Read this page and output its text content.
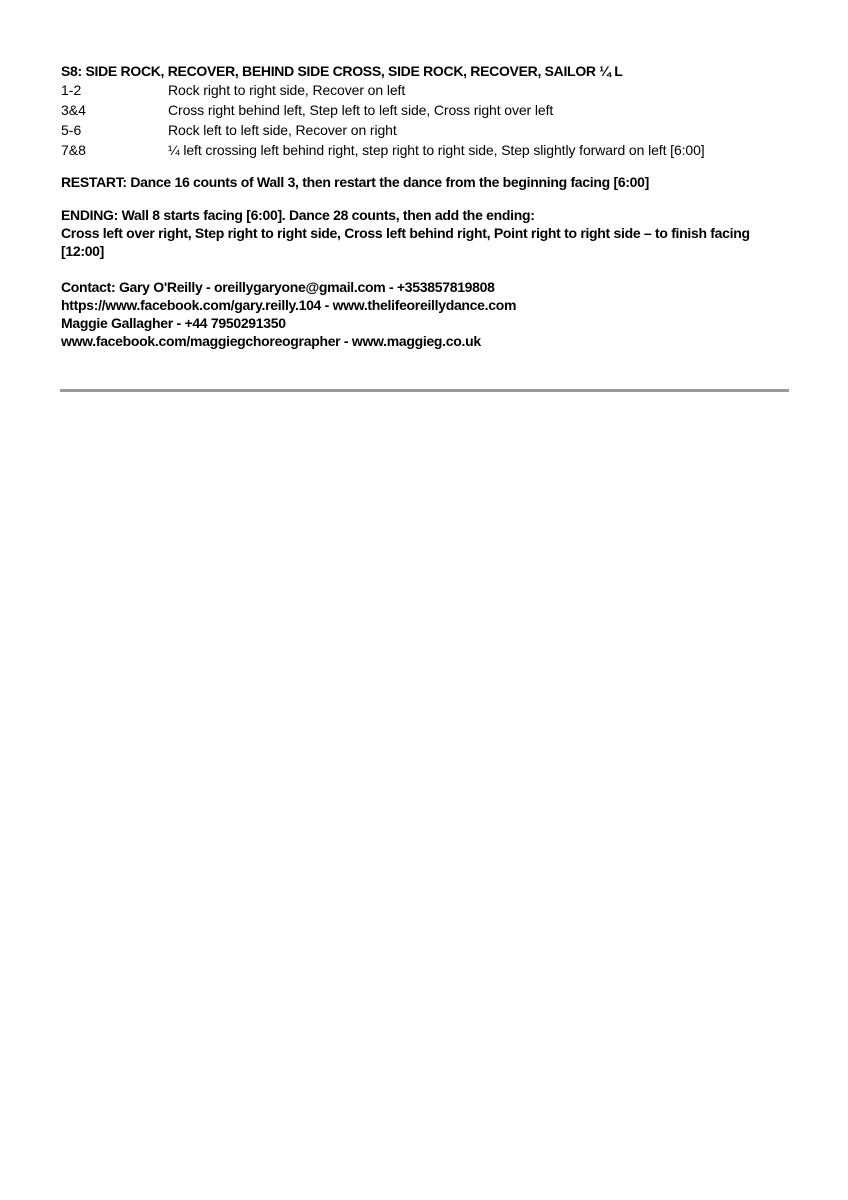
S8: SIDE ROCK, RECOVER, BEHIND SIDE CROSS, SIDE ROCK, RECOVER, SAILOR ¼ L
1-2	Rock right to right side, Recover on left
3&4	Cross right behind left, Step left to left side, Cross right over left
5-6	Rock left to left side, Recover on right
7&8	¼ left crossing left behind right, step right to right side, Step slightly forward on left [6:00]
RESTART: Dance 16 counts of Wall 3, then restart the dance from the beginning facing [6:00]
ENDING: Wall 8 starts facing [6:00]. Dance 28 counts, then add the ending:
Cross left over right, Step right to right side, Cross left behind right, Point right to right side – to finish facing [12:00]
Contact: Gary O'Reilly - oreillygaryone@gmail.com - +353857819808
https://www.facebook.com/gary.reilly.104 - www.thelifeoreillydance.com
Maggie Gallagher - +44 7950291350
www.facebook.com/maggiegchoreographer - www.maggieg.co.uk
